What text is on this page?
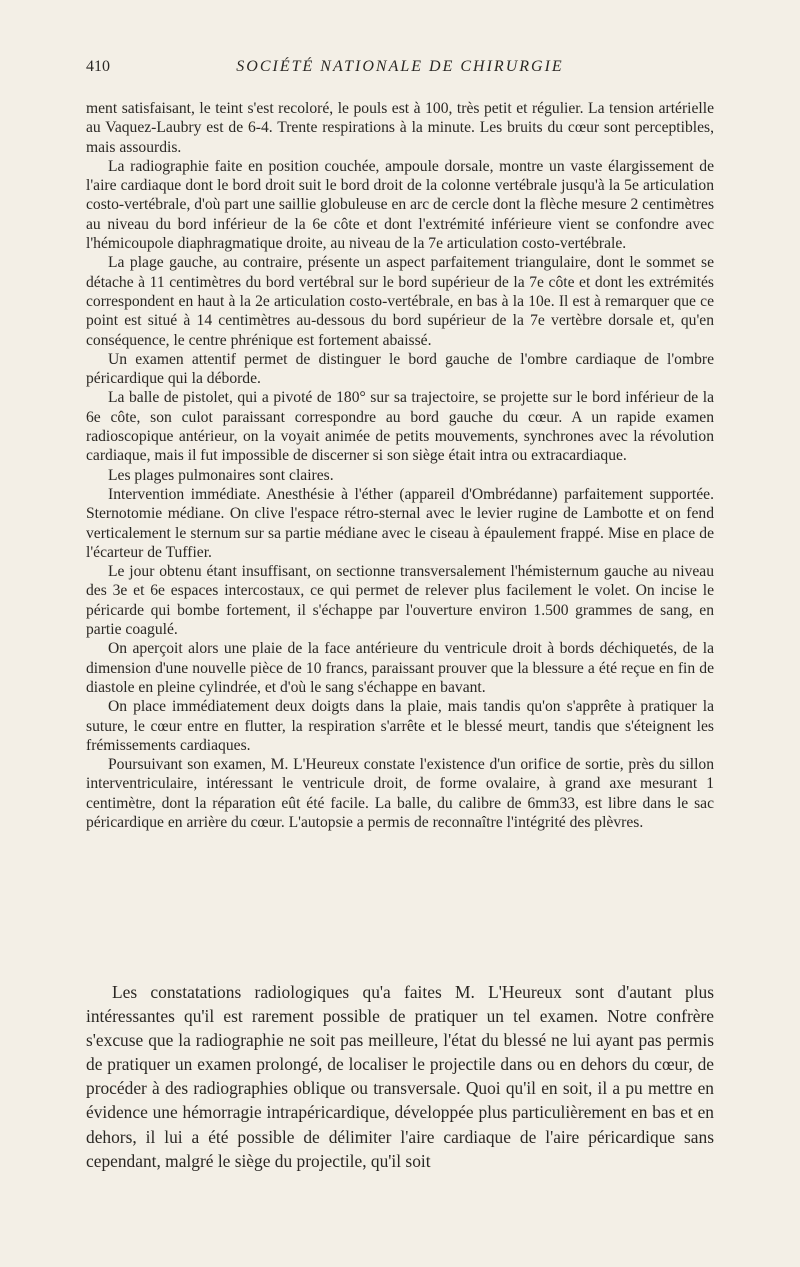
410	SOCIÉTÉ NATIONALE DE CHIRURGIE

ment satisfaisant, le teint s'est recoloré, le pouls est à 100, très petit et régulier. La tension artérielle au Vaquez-Laubry est de 6-4. Trente respirations à la minute. Les bruits du cœur sont perceptibles, mais assourdis.

La radiographie faite en position couchée, ampoule dorsale, montre un vaste élargissement de l'aire cardiaque dont le bord droit suit le bord droit de la colonne vertébrale jusqu'à la 5e articulation costo-vertébrale, d'où part une saillie globuleuse en arc de cercle dont la flèche mesure 2 centimètres au niveau du bord inférieur de la 6e côte et dont l'extrémité inférieure vient se confondre avec l'hémicoupole diaphragmatique droite, au niveau de la 7e articulation costo-vertébrale.

La plage gauche, au contraire, présente un aspect parfaitement triangulaire, dont le sommet se détache à 11 centimètres du bord vertébral sur le bord supérieur de la 7e côte et dont les extrémités correspondent en haut à la 2e articulation costo-vertébrale, en bas à la 10e. Il est à remarquer que ce point est situé à 14 centimètres au-dessous du bord supérieur de la 7e vertèbre dorsale et, qu'en conséquence, le centre phrénique est fortement abaissé.

Un examen attentif permet de distinguer le bord gauche de l'ombre cardiaque de l'ombre péricardique qui la déborde.

La balle de pistolet, qui a pivoté de 180° sur sa trajectoire, se projette sur le bord inférieur de la 6e côte, son culot paraissant correspondre au bord gauche du cœur. A un rapide examen radioscopique antérieur, on la voyait animée de petits mouvements, synchrones avec la révolution cardiaque, mais il fut impossible de discerner si son siège était intra ou extracardiaque.

Les plages pulmonaires sont claires.

Intervention immédiate. Anesthésie à l'éther (appareil d'Ombrédanne) parfaitement supportée. Sternotomie médiane. On clive l'espace rétro-sternal avec le levier rugine de Lambotte et on fend verticalement le sternum sur sa partie médiane avec le ciseau à épaulement frappé. Mise en place de l'écarteur de Tuffier.

Le jour obtenu étant insuffisant, on sectionne transversalement l'hémisternum gauche au niveau des 3e et 6e espaces intercostaux, ce qui permet de relever plus facilement le volet. On incise le péricarde qui bombe fortement, il s'échappe par l'ouverture environ 1.500 grammes de sang, en partie coagulé.

On aperçoit alors une plaie de la face antérieure du ventricule droit à bords déchiquetés, de la dimension d'une nouvelle pièce de 10 francs, paraissant prouver que la blessure a été reçue en fin de diastole en pleine cylindrée, et d'où le sang s'échappe en bavant.

On place immédiatement deux doigts dans la plaie, mais tandis qu'on s'apprête à pratiquer la suture, le cœur entre en flutter, la respiration s'arrête et le blessé meurt, tandis que s'éteignent les frémissements cardiaques.

Poursuivant son examen, M. L'Heureux constate l'existence d'un orifice de sortie, près du sillon interventriculaire, intéressant le ventricule droit, de forme ovalaire, à grand axe mesurant 1 centimètre, dont la réparation eût été facile. La balle, du calibre de 6mm33, est libre dans le sac péricardique en arrière du cœur. L'autopsie a permis de reconnaître l'intégrité des plèvres.

Les constatations radiologiques qu'a faites M. L'Heureux sont d'autant plus intéressantes qu'il est rarement possible de pratiquer un tel examen. Notre confrère s'excuse que la radiographie ne soit pas meilleure, l'état du blessé ne lui ayant pas permis de pratiquer un examen prolongé, de localiser le projectile dans ou en dehors du cœur, de procéder à des radiographies oblique ou transversale. Quoi qu'il en soit, il a pu mettre en évidence une hémorragie intrapéricardique, développée plus particulièrement en bas et en dehors, il lui a été possible de délimiter l'aire cardiaque de l'aire péricardique sans cependant, malgré le siège du projectile, qu'il soit
